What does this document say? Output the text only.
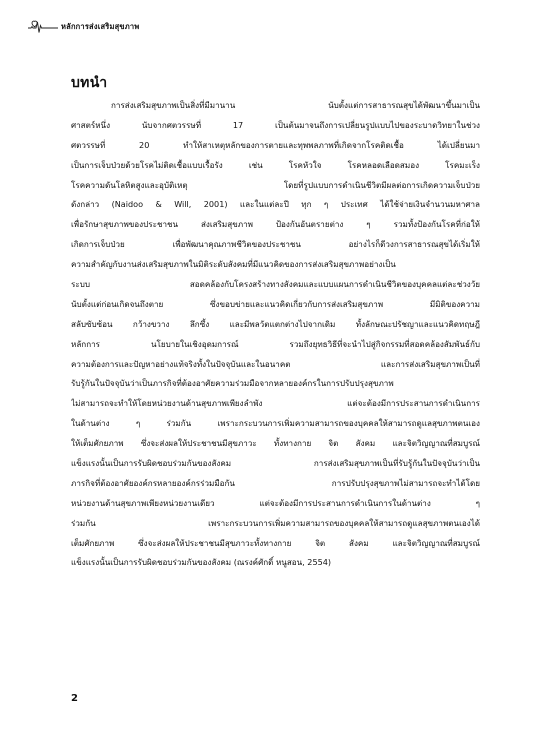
หลักการส่งเสริมสุขภาพ
บทนำ
การส่งเสริมสุขภาพเป็นสิ่งที่มีมานาน นับตั้งแต่การสาธารณสุขได้พัฒนาขึ้นมาเป็น
ศาสตร์หนึ่ง นับจากศตวรรษที่ 17 เป็นต้นมาจนถึงการเปลี่ยนรูปแบบไปของระบาดวิทยาในช่วง
ศตวรรษที่ 20 ทำให้สาเหตุหลักของการตายและทุพพลภาพที่เกิดจากโรคติดเชื้อ ได้เปลี่ยนมา
เป็นการเจ็บป่วยด้วยโรคไม่ติดเชื้อแบบเรื้อรัง เช่น โรคหัวใจ โรคหลอดเลือดสมอง โรคมะเร็ง
โรคความดันโลหิตสูงและอุบัติเหตุ โดยที่รูปแบบการดำเนินชีวิตมีผลต่อการเกิดความเจ็บป่วย
ดังกล่าว (Naidoo & Will, 2001) และในแต่ละปี ทุก ๆ ประเทศ ได้ใช้จ่ายเงินจำนวนมหาศาล
เพื่อรักษาสุขภาพของประชาชน ส่งเสริมสุขภาพ ป้องกันอันตรายต่าง ๆ รวมทั้งป้องกันโรคที่ก่อให้
เกิดการเจ็บป่วย เพื่อพัฒนาคุณภาพชีวิตของประชาชน อย่างไรก็ดีวงการสาธารณสุขได้เริ่มให้
ความสำคัญกับงานส่งเสริมสุขภาพในมิติระดับสังคมที่มีแนวคิดของการส่งเสริมสุขภาพอย่างเป็น
ระบบ สอดคล้องกับโครงสร้างทางสังคมและแบบแผนการดำเนินชีวิตของบุคคลแต่ละช่วงวัย
นับตั้งแต่ก่อนเกิดจนถึงตาย ซึ่งขอบข่ายและแนวคิดเกี่ยวกับการส่งเสริมสุขภาพ มีมิติของความ
สลับซับซ้อน กว้างขวาง ลึกซึ้ง และมีพลวัตแตกต่างไปจากเดิม ทั้งลักษณะปรัชญาและแนวคิดทฤษฎี
หลักการ นโยบายในเชิงอุดมการณ์ รวมถึงยุทธวิธีที่จะนำไปสู่กิจกรรมที่สอดคล้องสัมพันธ์กับ
ความต้องการและปัญหาอย่างแท้จริงทั้งในปัจจุบันและในอนาคต และการส่งเสริมสุขภาพเป็นที่
รับรู้กันในปัจจุบันว่าเป็นภารกิจที่ต้องอาศัยความร่วมมือจากหลายองค์กรในการปรับปรุงสุขภาพ
ไม่สามารถจะทำให้โดยหน่วยงานด้านสุขภาพเพียงลำพัง แต่จะต้องมีการประสานการดำเนินการ
ในด้านต่าง ๆ ร่วมกัน เพราะกระบวนการเพิ่มความสามารถของบุคคลให้สามารถดูแลสุขภาพตนเอง
ให้เต็มศักยภาพ ซึ่งจะส่งผลให้ประชาชนมีสุขภาวะ ทั้งทางกาย จิต สังคม และจิตวิญญาณที่สมบูรณ์
แข็งแรงนั้นเป็นการรับผิดชอบร่วมกันของสังคม การส่งเสริมสุขภาพเป็นที่รับรู้กันในปัจจุบันว่าเป็น
ภารกิจที่ต้องอาศัยองค์กรหลายองค์กรร่วมมือกัน การปรับปรุงสุขภาพไม่สามารถจะทำได้โดย
หน่วยงานด้านสุขภาพเพียงหน่วยงานเดียว แต่จะต้องมีการประสานการดำเนินการในด้านต่าง ๆ
ร่วมกัน เพราะกระบวนการเพิ่มความสามารถของบุคคลให้สามารถดูแลสุขภาพตนเองได้
เต็มศักยภาพ ซึ่งจะส่งผลให้ประชาชนมีสุขภาวะทั้งทางกาย จิต สังคม และจิตวิญญาณที่สมบูรณ์
แข็งแรงนั้นเป็นการรับผิดชอบร่วมกันของสังคม (ณรงค์ศักดิ์ หนูสอน, 2554)
2
